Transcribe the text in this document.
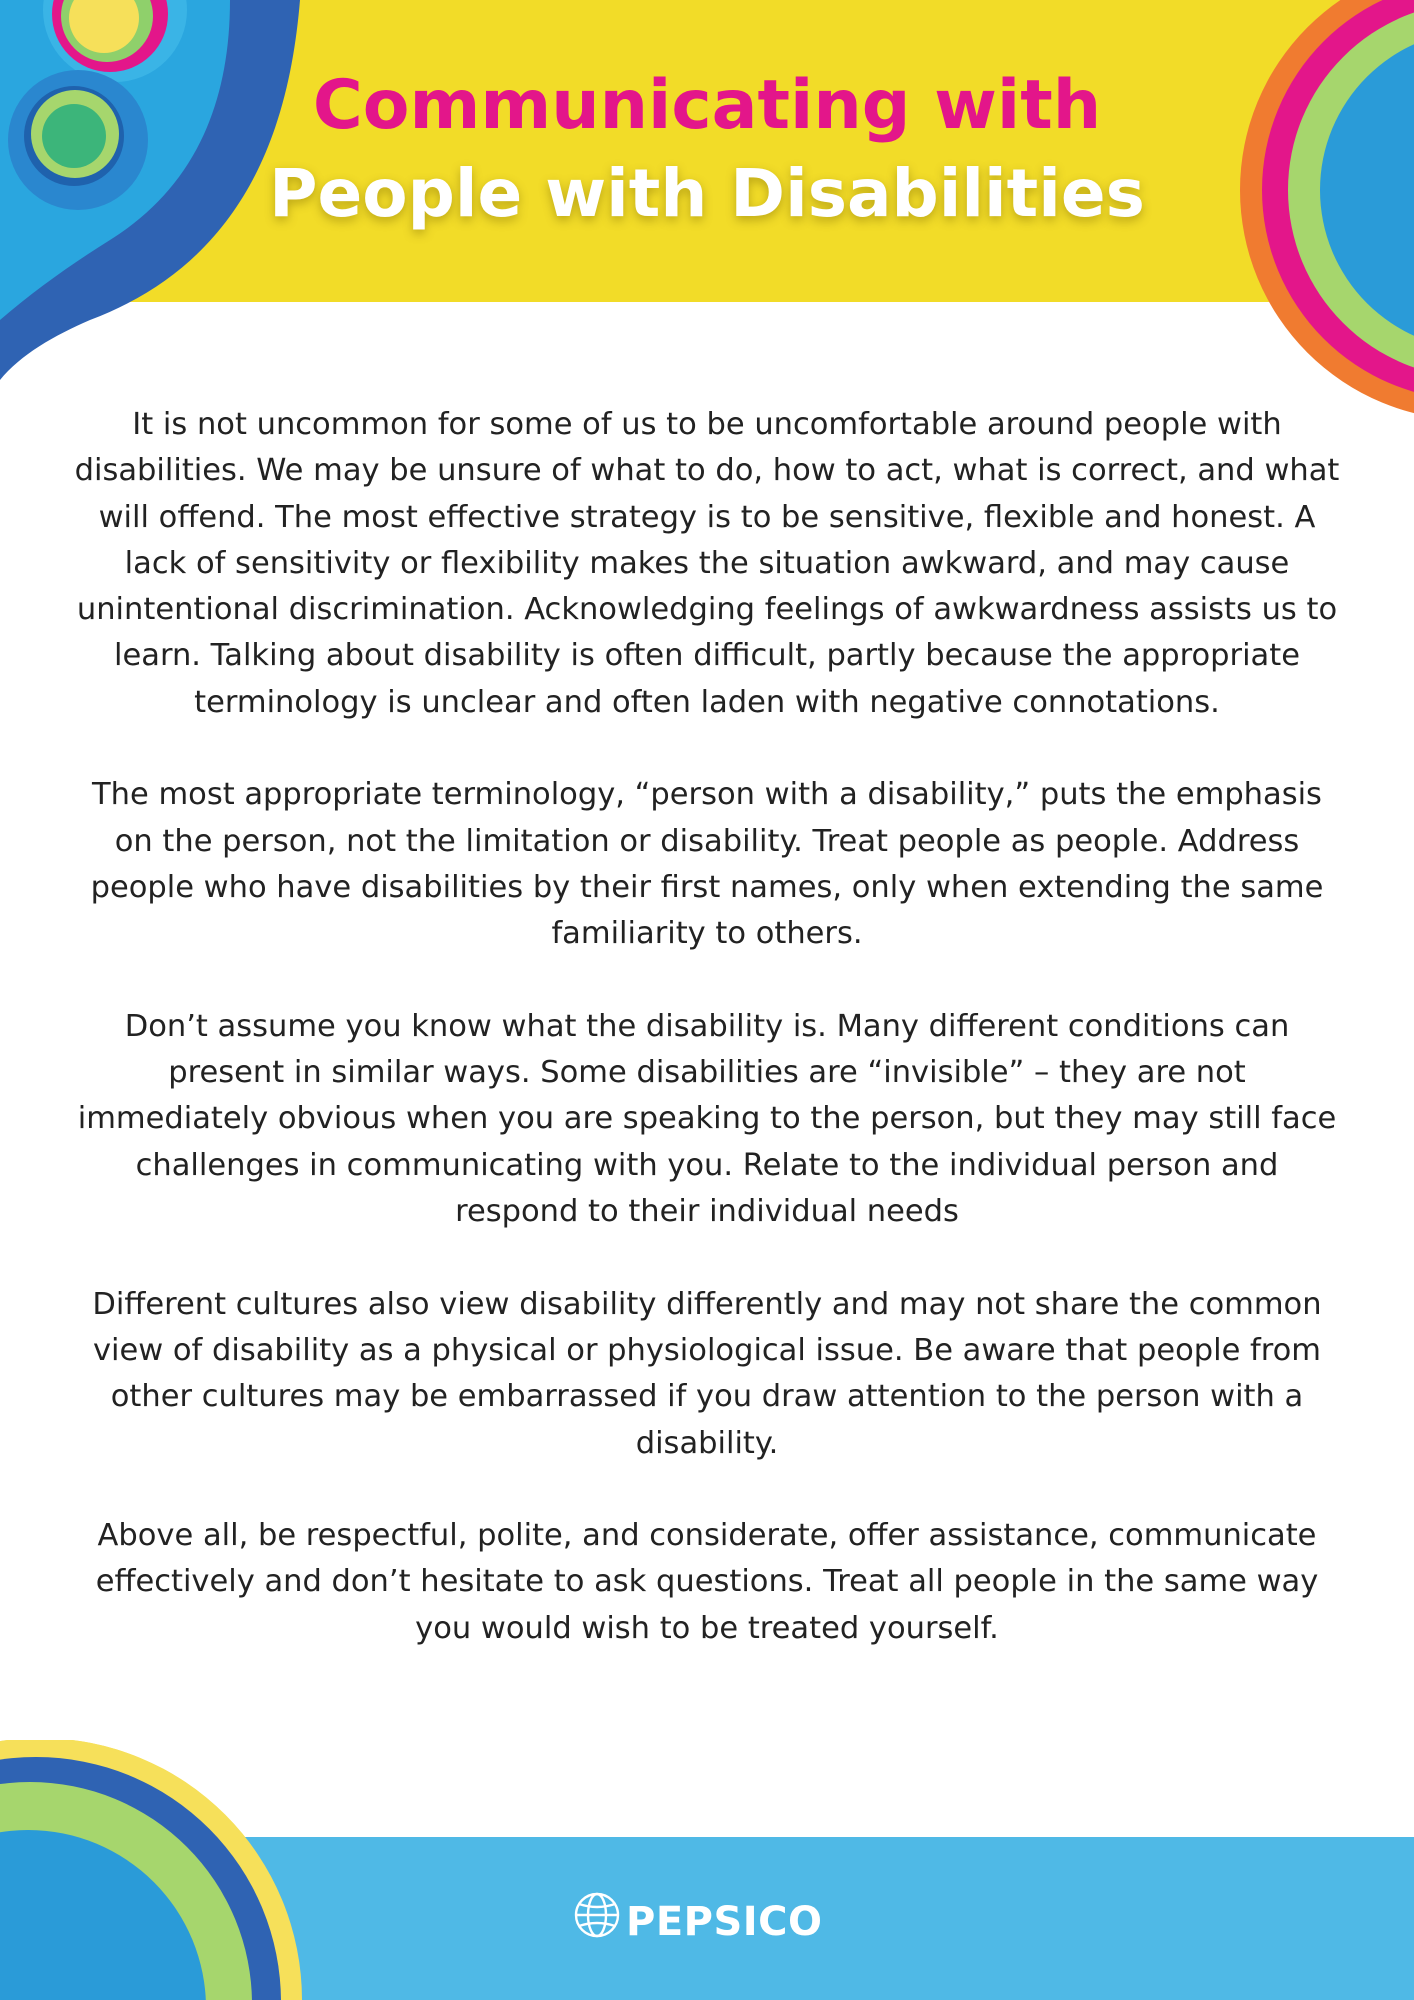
Communicating with
People with Disabilities

It is not uncommon for some of us to be uncomfortable around people with disabilities. We may be unsure of what to do, how to act, what is correct, and what will offend. The most effective strategy is to be sensitive, flexible and honest. A lack of sensitivity or flexibility makes the situation awkward, and may cause unintentional discrimination. Acknowledging feelings of awkwardness assists us to learn. Talking about disability is often difficult, partly because the appropriate terminology is unclear and often laden with negative connotations.

The most appropriate terminology, “person with a disability,” puts the emphasis on the person, not the limitation or disability. Treat people as people. Address people who have disabilities by their first names, only when extending the same familiarity to others.

Don’t assume you know what the disability is. Many different conditions can present in similar ways. Some disabilities are “invisible” – they are not immediately obvious when you are speaking to the person, but they may still face challenges in communicating with you. Relate to the individual person and respond to their individual needs

Different cultures also view disability differently and may not share the common view of disability as a physical or physiological issue. Be aware that people from other cultures may be embarrassed if you draw attention to the person with a disability.

Above all, be respectful, polite, and considerate, offer assistance, communicate effectively and don’t hesitate to ask questions. Treat all people in the same way you would wish to be treated yourself.

PEPSICO
